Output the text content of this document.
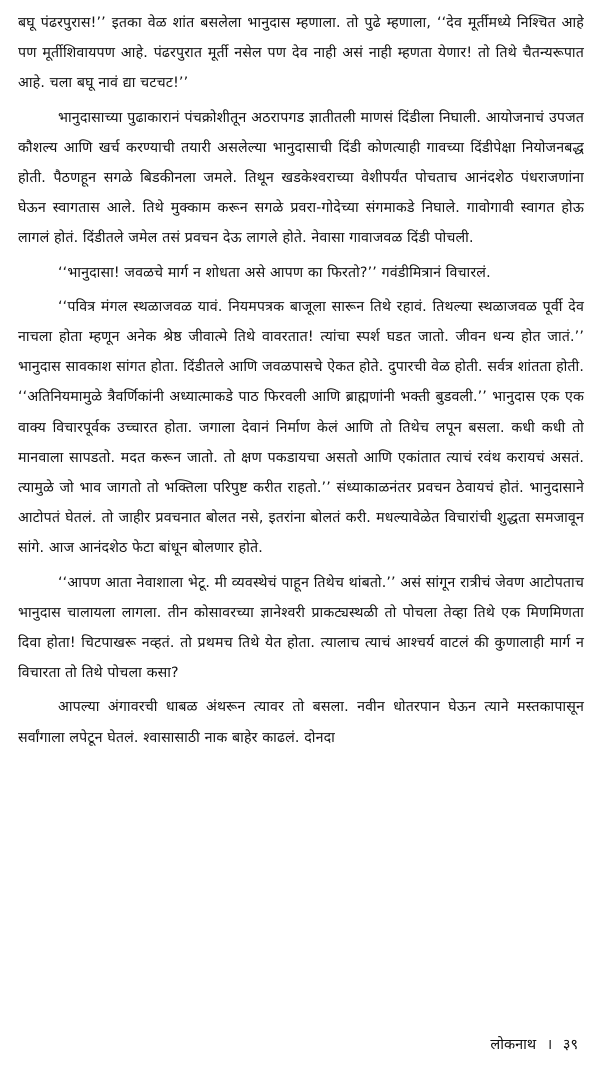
बघू पंढरपुरास!’’ इतका वेळ शांत बसलेला भानुदास म्हणाला. तो पुढे म्हणाला, ‘‘देव मूर्तीमध्ये निश्चित आहे पण मूर्तीशिवायपण आहे. पंढरपुरात मूर्ती नसेल पण देव नाही असं नाही म्हणता येणार! तो तिथे चैतन्यरूपात आहे. चला बघू नावं द्या चटचट!’’

भानुदासाच्या पुढाकारानं पंचक्रोशीतून अठरापगड ज्ञातीतली माणसं दिंडीला निघाली. आयोजनाचं उपजत कौशल्य आणि खर्च करण्याची तयारी असलेल्या भानुदासाची दिंडी कोणत्याही गावच्या दिंडीपेक्षा नियोजनबद्ध होती. पैठणहून सगळे बिडकीनला जमले. तिथून खडकेश्वराच्या वेशीपर्यंत पोचताच आनंदशेठ पंधराजणांना घेऊन स्वागतास आले. तिथे मुक्काम करून सगळे प्रवरा-गोदेच्या संगमाकडे निघाले. गावोगावी स्वागत होऊ लागलं होतं. दिंडीतले जमेल तसं प्रवचन देऊ लागले होते. नेवासा गावाजवळ दिंडी पोचली.

‘‘भानुदासा! जवळचे मार्ग न शोधता असे आपण का फिरतो?’’ गवंडीमित्रानं विचारलं.

‘‘पवित्र मंगल स्थळाजवळ यावं. नियमपत्रक बाजूला सारून तिथे रहावं. तिथल्या स्थळाजवळ पूर्वी देव नाचला होता म्हणून अनेक श्रेष्ठ जीवात्मे तिथे वावरतात! त्यांचा स्पर्श घडत जातो. जीवन धन्य होत जातं.’’ भानुदास सावकाश सांगत होता. दिंडीतले आणि जवळपासचे ऐकत होते. दुपारची वेळ होती. सर्वत्र शांतता होती. ‘‘अतिनियमामुळे त्रैवर्णिकांनी अध्यात्माकडे पाठ फिरवली आणि ब्राह्मणांनी भक्ती बुडवली.’’ भानुदास एक एक वाक्य विचारपूर्वक उच्चारत होता. जगाला देवानं निर्माण केलं आणि तो तिथेच लपून बसला. कधी कधी तो मानवाला सापडतो. मदत करून जातो. तो क्षण पकडायचा असतो आणि एकांतात त्याचं रवंथ करायचं असतं. त्यामुळे जो भाव जागतो तो भक्तिला परिपुष्ट करीत राहतो.’’ संध्याकाळनंतर प्रवचन ठेवायचं होतं. भानुदासाने आटोपतं घेतलं. तो जाहीर प्रवचनात बोलत नसे, इतरांना बोलतं करी. मधल्यावेळेत विचारांची शुद्धता समजावून सांगे. आज आनंदशेठ फेटा बांधून बोलणार होते.

‘‘आपण आता नेवाशाला भेटू. मी व्यवस्थेचं पाहून तिथेच थांबतो.’’ असं सांगून रात्रीचं जेवण आटोपताच भानुदास चालायला लागला. तीन कोसावरच्या ज्ञानेश्वरी प्राकट्यस्थळी तो पोचला तेव्हा तिथे एक मिणमिणता दिवा होता! चिटपाखरू नव्हतं. तो प्रथमच तिथे येत होता. त्यालाच त्याचं आश्चर्य वाटलं की कुणालाही मार्ग न विचारता तो तिथे पोचला कसा?

आपल्या अंगावरची धाबळ अंथरून त्यावर तो बसला. नवीन धोतरपान घेऊन त्याने मस्तकापासून सर्वांगाला लपेटून घेतलं. श्वासासाठी नाक बाहेर काढलं. दोनदा

लोकनाथ । ३९
